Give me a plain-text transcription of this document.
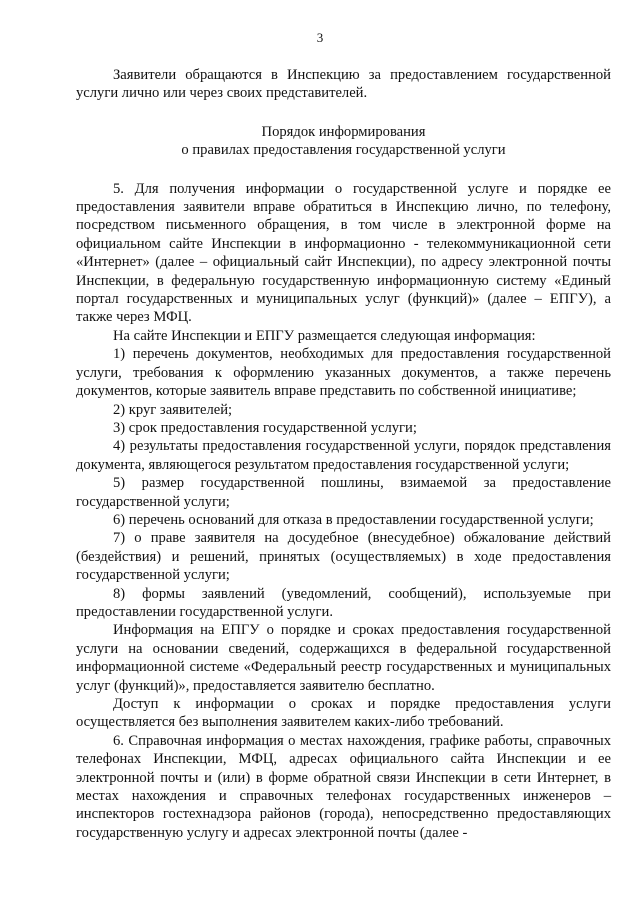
3

Заявители обращаются в Инспекцию за предоставлением государственной услуги лично или через своих представителей.

Порядок информирования
о правилах предоставления государственной услуги

5. Для получения информации о государственной услуге и порядке ее предоставления заявители вправе обратиться в Инспекцию лично, по телефону, посредством письменного обращения, в том числе в электронной форме на официальном сайте Инспекции в информационно - телекоммуникационной сети «Интернет» (далее – официальный сайт Инспекции), по адресу электронной почты Инспекции, в федеральную государственную информационную систему «Единый портал государственных и муниципальных услуг (функций)» (далее – ЕПГУ), а также через МФЦ.

На сайте Инспекции и ЕПГУ размещается следующая информация:

1) перечень документов, необходимых для предоставления государственной услуги, требования к оформлению указанных документов, а также перечень документов, которые заявитель вправе представить по собственной инициативе;

2) круг заявителей;

3) срок предоставления государственной услуги;

4) результаты предоставления государственной услуги, порядок представления документа, являющегося результатом предоставления государственной услуги;

5) размер государственной пошлины, взимаемой за предоставление государственной услуги;

6) перечень оснований для отказа в предоставлении государственной услуги;

7) о праве заявителя на досудебное (внесудебное) обжалование действий (бездействия) и решений, принятых (осуществляемых) в ходе предоставления государственной услуги;

8) формы заявлений (уведомлений, сообщений), используемые при предоставлении государственной услуги.

Информация на ЕПГУ о порядке и сроках предоставления государственной услуги на основании сведений, содержащихся в федеральной государственной информационной системе «Федеральный реестр государственных и муниципальных услуг (функций)», предоставляется заявителю бесплатно.

Доступ к информации о сроках и порядке предоставления услуги осуществляется без выполнения заявителем каких-либо требований.

6. Справочная информация о местах нахождения, графике работы, справочных телефонах Инспекции, МФЦ, адресах официального сайта Инспекции и ее электронной почты и (или) в форме обратной связи Инспекции в сети Интернет, в местах нахождения и справочных телефонах государственных инженеров – инспекторов гостехнадзора районов (города), непосредственно предоставляющих государственную услугу и адресах электронной почты (далее -
